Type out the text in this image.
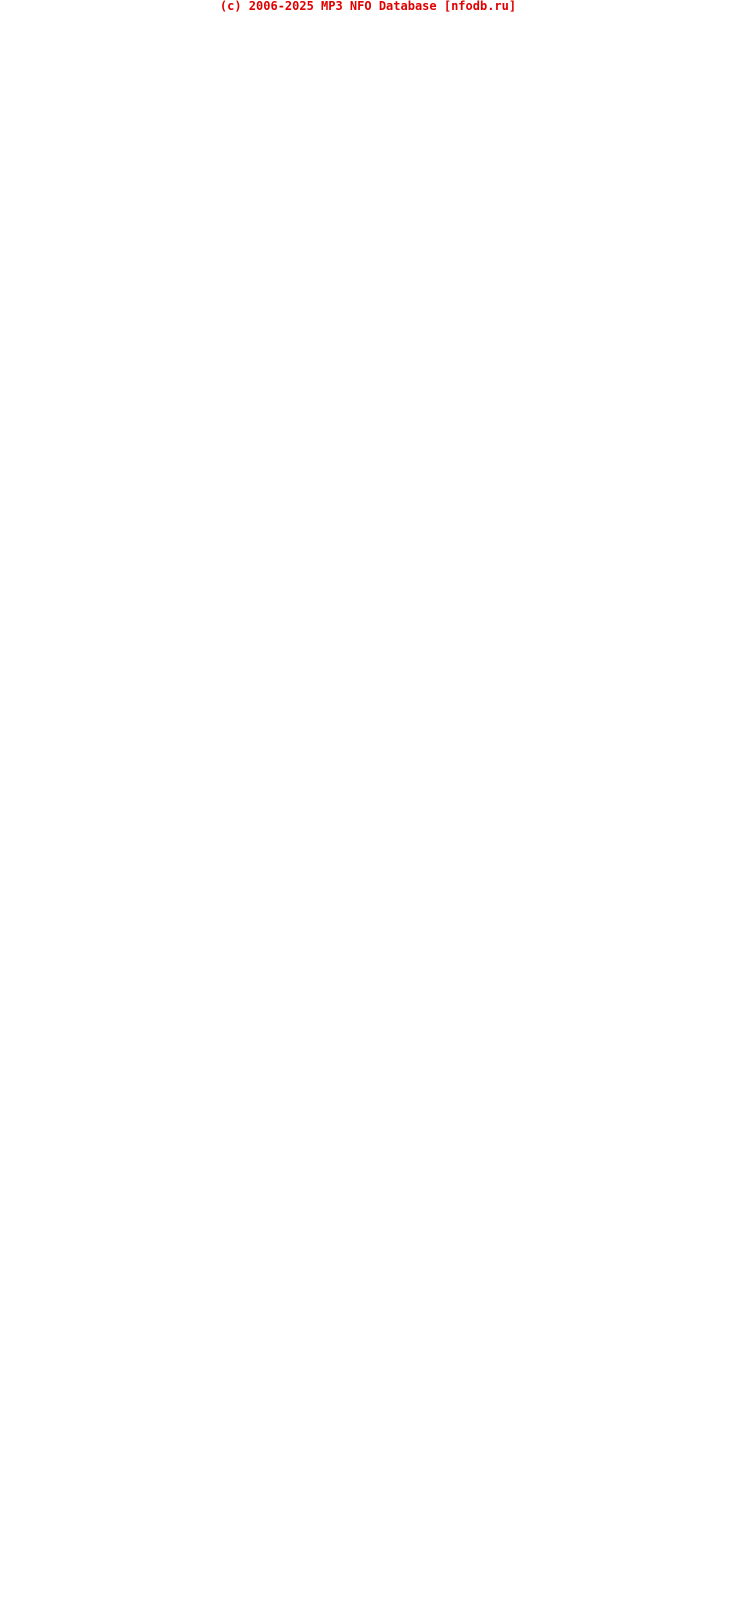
(c) 2006-2025 MP3 NFO Database [nfodb.ru]
